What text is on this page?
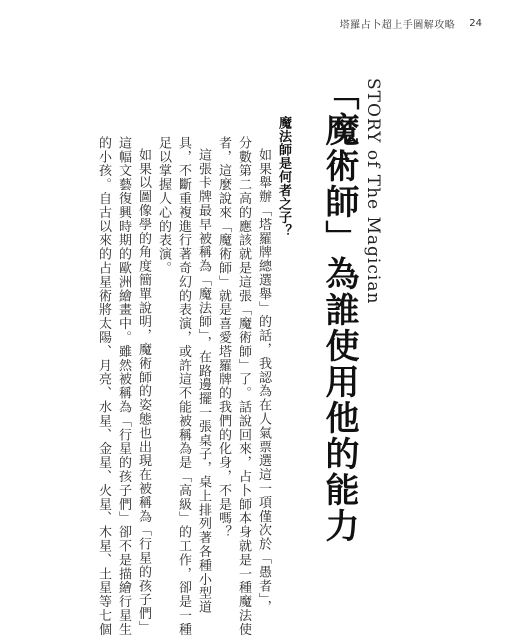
塔羅占卜超上手圖解攻略 24
STORY of The Magician
「魔術師」為誰使用他的能力
魔法師是何者之子？
如果舉辦「塔羅牌總選舉」的話，我認為在人氣票選這一項僅次於「愚者」，
分數第二高的應該就是這張「魔術師」了。話說回來，占卜師本身就是一種魔法使
者，這麼說來「魔術師」就是喜愛塔羅牌的我們的化身，不是嗎？
這張卡牌最早被稱為「魔法師」，在路邊擺一張桌子，桌上排列著各種小型道
具，不斷重複進行著奇幻的表演，或許這不能被稱為是「高級」的工作，卻是一種
足以掌握人心的表演。
如果以圖像學的角度簡單說明，魔術師的姿態也出現在被稱為「行星的孩子們」
這幅文藝復興時期的歐洲繪畫中。雖然被稱為「行星的孩子們」卻不是描繪行星生
的小孩。自古以來的占星術將太陽、月亮、水星、金星、火星、木星、土星等七個
